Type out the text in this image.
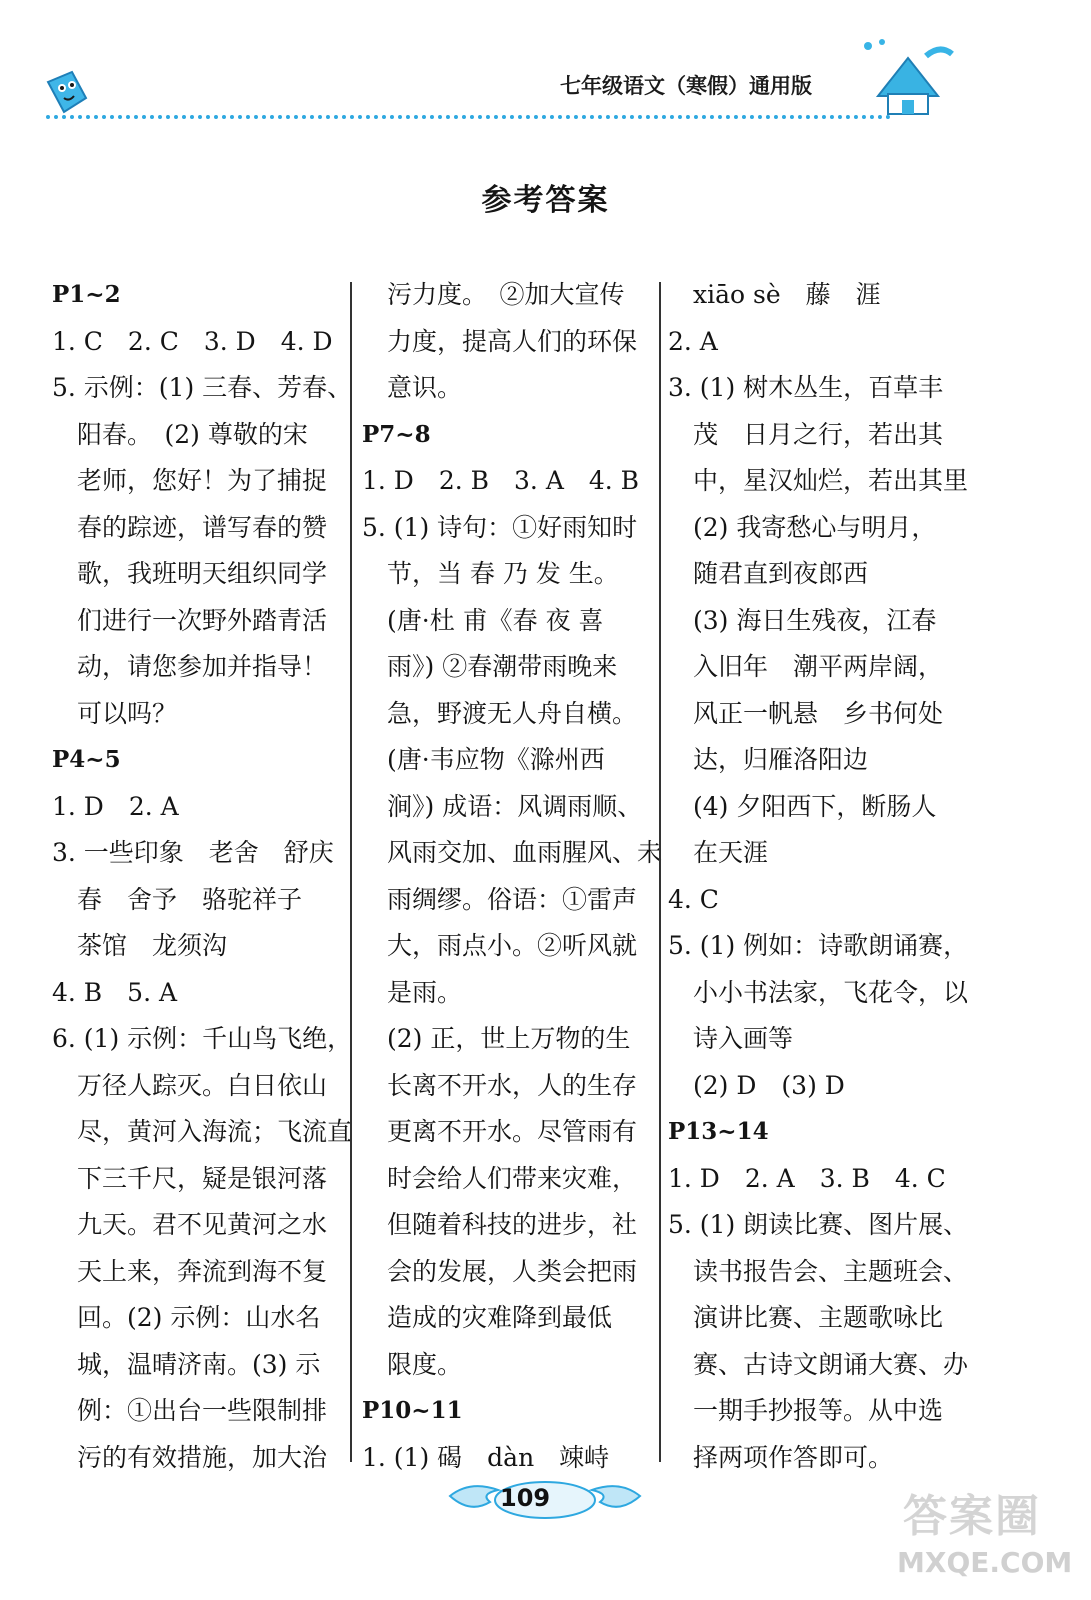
七年级语文（寒假）通用版
参考答案
P1~2
1. C　2. C　3. D　4. D
5. 示例：(1) 三春、芳春、
　阳春。　(2) 尊敬的宋
　老师，您好！为了捕捉
　春的踪迹，谱写春的赞
　歌，我班明天组织同学
　们进行一次野外踏青活
　动，请您参加并指导！
　可以吗？
P4~5
1. D　2. A
3. 一些印象　老舍　舒庆
　春　舍予　骆驼祥子
　茶馆　龙须沟
4. B　5. A
6. (1) 示例：千山鸟飞绝，
　万径人踪灭。白日依山
　尽，黄河入海流；飞流直
　下三千尺，疑是银河落
　九天。君不见黄河之水
　天上来，奔流到海不复
　回。(2) 示例：山水名
　城，温晴济南。(3) 示
　例：①出台一些限制排
　污的有效措施，加大治
　污力度。　②加大宣传
　力度，提高人们的环保
　意识。
P7~8
1. D　2. B　3. A　4. B
5. (1) 诗句：①好雨知时
　节，当 春 乃 发 生。
　(唐·杜 甫《春 夜 喜
　雨》) ②春潮带雨晚来
　急，野渡无人舟自横。
　(唐·韦应物《滁州西
　涧》) 成语：风调雨顺、
　风雨交加、血雨腥风、未
　雨绸缪。俗语：①雷声
　大，雨点小。②听风就
　是雨。
　(2) 正，世上万物的生
　长离不开水，人的生存
　更离不开水。尽管雨有
　时会给人们带来灾难，
　但随着科技的进步，社
　会的发展，人类会把雨
　造成的灾难降到最低
　限度。
P10~11
1. (1) 碣　dàn　竦峙
　xiāo sè　藤　涯
2. A
3. (1) 树木丛生，百草丰
　茂　日月之行，若出其
　中，星汉灿烂，若出其里
　(2) 我寄愁心与明月，
　随君直到夜郎西
　(3) 海日生残夜，江春
　入旧年　潮平两岸阔，
　风正一帆悬　乡书何处
　达，归雁洛阳边
　(4) 夕阳西下，断肠人
　在天涯
4. C
5. (1) 例如：诗歌朗诵赛，
　小小书法家，飞花令，以
　诗入画等
　(2) D　(3) D
P13~14
1. D　2. A　3. B　4. C
5. (1) 朗读比赛、图片展、
　读书报告会、主题班会、
　演讲比赛、主题歌咏比
　赛、古诗文朗诵大赛、办
　一期手抄报等。从中选
　择两项作答即可。
109	答案圈
MXQE.COM
